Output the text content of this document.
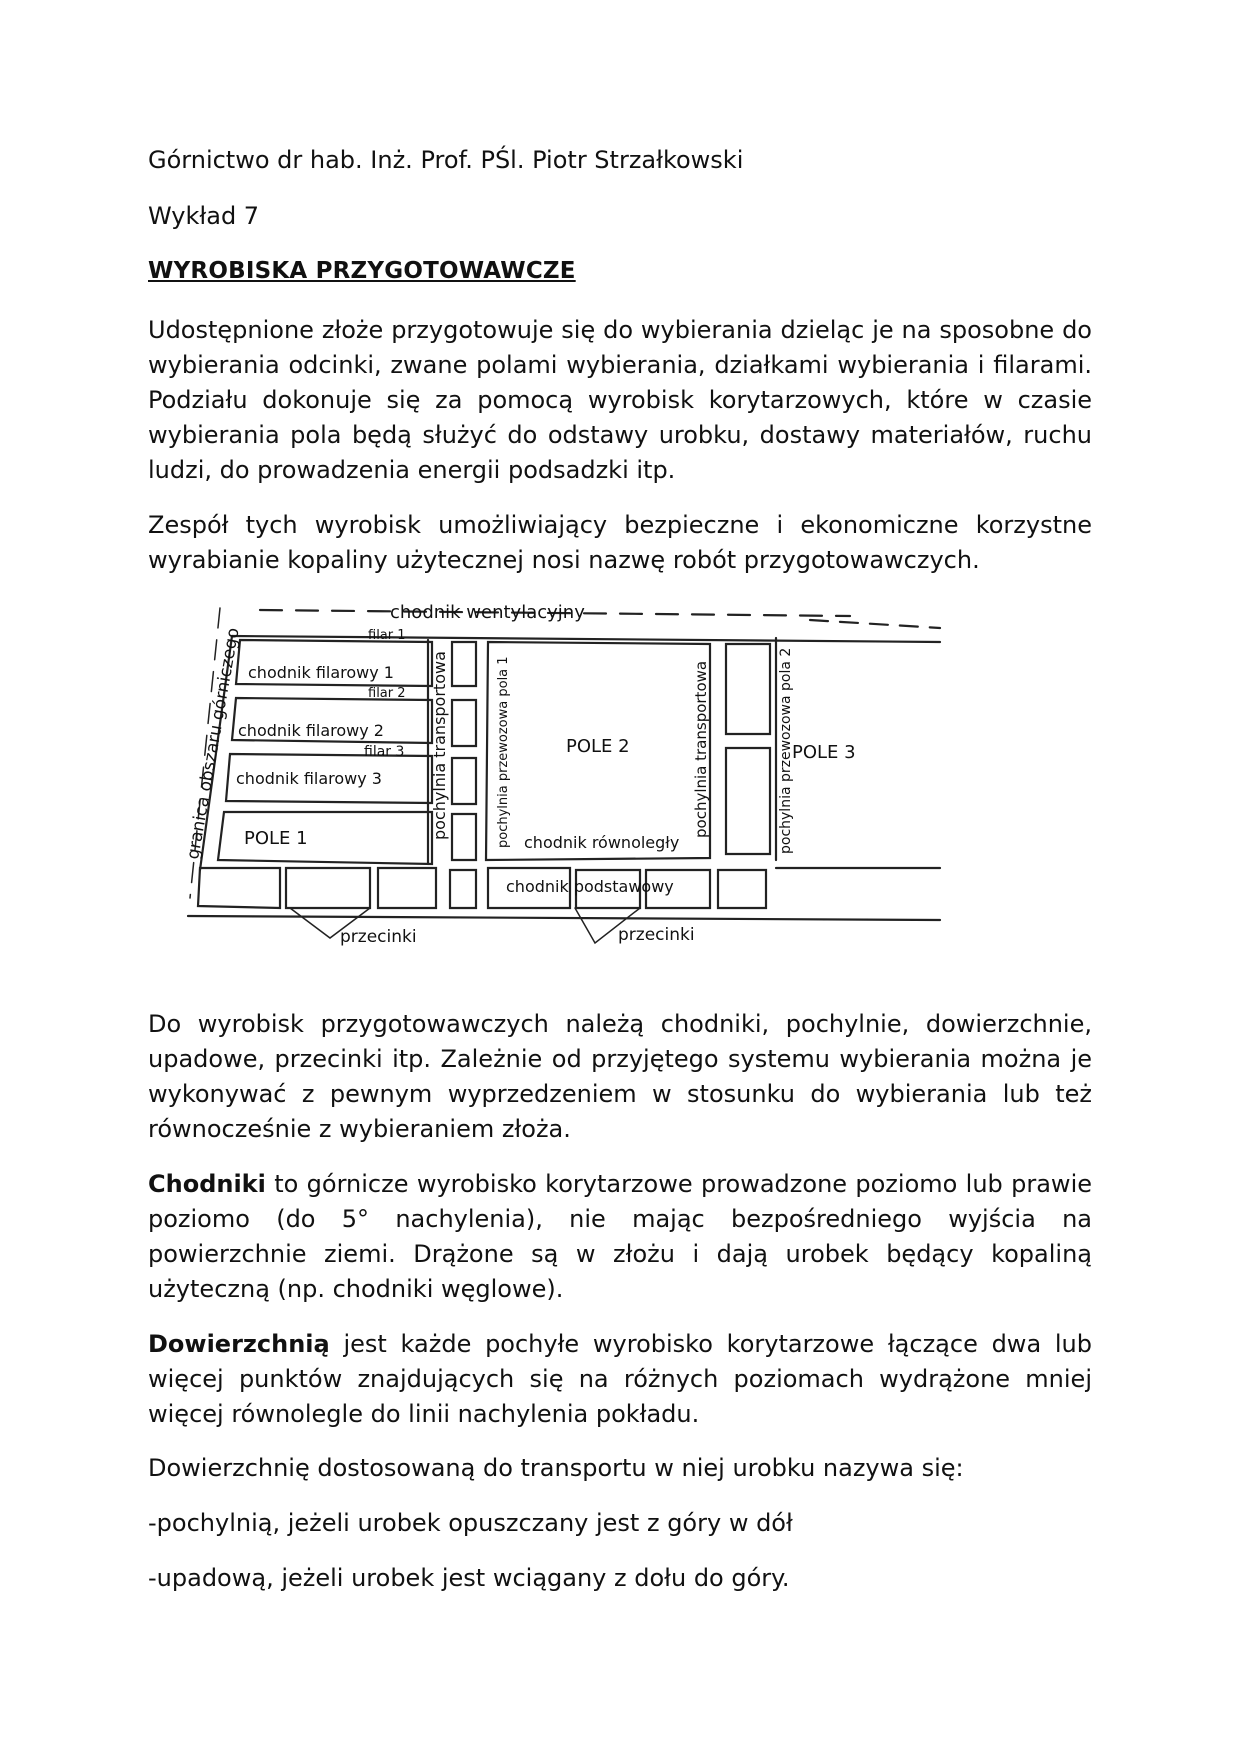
Górnictwo dr hab. Inż. Prof. PŚl. Piotr Strzałkowski
Wykład 7
WYROBISKA PRZYGOTOWAWCZE

Udostępnione złoże przygotowuje się do wybierania dzieląc je na sposobne do wybierania odcinki, zwane polami wybierania, działkami wybierania i filarami. Podziału dokonuje się za pomocą wyrobisk korytarzowych, które w czasie wybierania pola będą służyć do odstawy urobku, dostawy materiałów, ruchu ludzi, do prowadzenia energii podsadzki itp.

Zespół tych wyrobisk umożliwiający bezpieczne i ekonomiczne korzystne wyrabianie kopaliny użytecznej nosi nazwę robót przygotowawczych.

chodnik wentylacyjny
filar 1
chodnik filarowy 1
filar 2
chodnik filarowy 2
filar 3
chodnik filarowy 3
POLE 1
POLE 2	POLE 3
chodnik równoległy
chodnik podstawowy
przecinki	przecinki
granica obszaru górniczego	pochylnia transportowa	pochylnia przewozowa pola 1	pochylnia transportowa	pochylnia przewozowa pola 2

Do wyrobisk przygotowawczych należą chodniki, pochylnie, dowierzchnie, upadowe, przecinki itp. Zależnie od przyjętego systemu wybierania można je wykonywać z pewnym wyprzedzeniem w stosunku do wybierania lub też równocześnie z wybieraniem złoża.

Chodniki to górnicze wyrobisko korytarzowe prowadzone poziomo lub prawie poziomo (do 5° nachylenia), nie mając bezpośredniego wyjścia na powierzchnie ziemi. Drążone są w złożu i dają urobek będący kopaliną użyteczną (np. chodniki węglowe).

Dowierzchnią jest każde pochyłe wyrobisko korytarzowe łączące dwa lub więcej punktów znajdujących się na różnych poziomach wydrążone mniej więcej równolegle do linii nachylenia pokładu.

Dowierzchnię dostosowaną do transportu w niej urobku nazywa się:

-pochylnią, jeżeli urobek opuszczany jest z góry w dół

-upadową, jeżeli urobek jest wciągany z dołu do góry.
